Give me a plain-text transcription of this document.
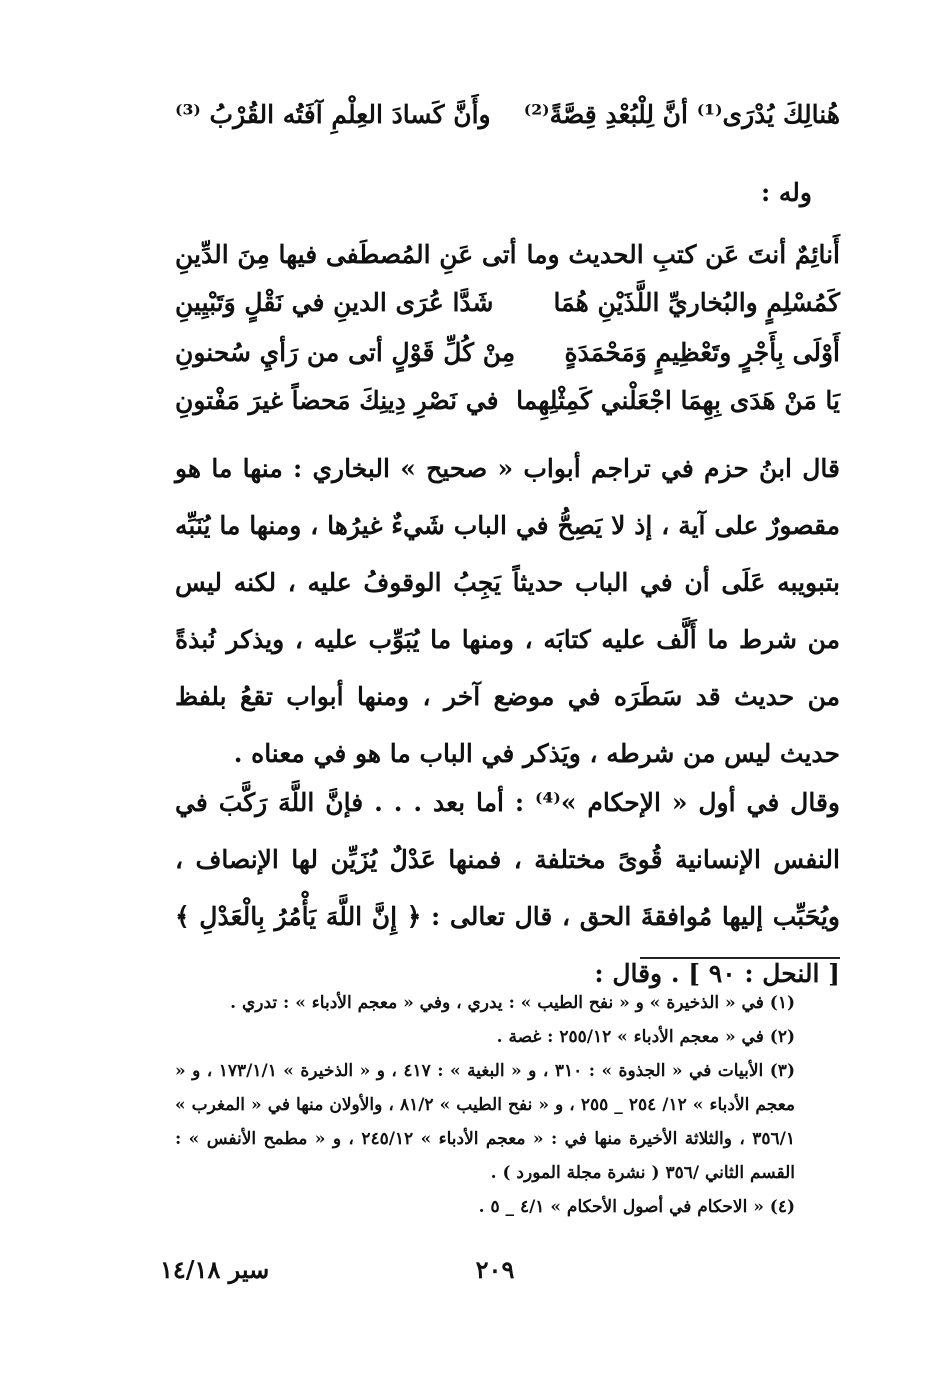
هُنالِكَ يُدْرَى⁽¹⁾ أنَّ لِلْبُعْدِ قِصَّةً⁽²⁾
وأَنَّ كَسادَ العِلْمِ آفَتُه القُرْبُ ⁽³⁾
وله :
أَنائِمٌ أنتَ عَن كتبِ الحديث وما
أتى عَنِ المُصطَفى فيها مِنَ الدِّينِ
كَمُسْلِمٍ والبُخاريِّ اللَّذَيْنِ هُمَا
شَدَّا عُرَى الدينِ في نَقْلٍ وَتَبْيِينِ
أَوْلَى بِأَجْرٍ وتَعْظِيمٍ وَمَحْمَدَةٍ
مِنْ كُلِّ قَوْلٍ أتى من رَأيِ سُحنونِ
يَا مَنْ هَدَى بِهِمَا اجْعَلْني كَمِثْلِهِما
في نَصْرِ دِينِكَ مَحضاً غيرَ مَفْتونِ

قال ابنُ حزم في تراجم أبواب « صحيح » البخاري : منها ما هو مقصورٌ على آية ، إذ لا يَصِحُّ في الباب شَيءٌ غيرُها ، ومنها ما يُنَبِّه بتبويبه عَلَى أن في الباب حديثاً يَجِبُ الوقوفُ عليه ، لكنه ليس من شرط ما أَلَّف عليه كتابَه ، ومنها ما يُبَوِّب عليه ، ويذكر نُبذةً من حديث قد سَطَرَه في موضع آخر ، ومنها أبواب تقعُ بلفظ حديث ليس من شرطه ، ويَذكر في الباب ما هو في معناه .

وقال في أول « الإحكام »⁽⁴⁾ : أما بعد . . . فإنَّ اللَّهَ رَكَّبَ في النفس الإنسانية قُوىً مختلفة ، فمنها عَدْلٌ يُزَيِّن لها الإنصاف ، ويُحَبِّب إليها مُوافقةَ الحق ، قال تعالى : ﴿ إِنَّ اللَّهَ يَأْمُرُ بِالْعَدْلِ ﴾ [ النحل : ٩٠ ] . وقال :

(١) في « الذخيرة » و « نفح الطيب » : يدري ، وفي « معجم الأدباء » : تدري .

(٢) في « معجم الأدباء » ٢٥٥/١٢ : غصة .

(٣) الأبيات في « الجذوة » : ٣١٠ ، و « البغية » : ٤١٧ ، و « الذخيرة » ١٧٣/١/١ ، و « معجم الأدباء » ١٢/ ٢٥٤ _ ٢٥٥ ، و « نفح الطيب » ٨١/٢ ، والأولان منها في « المغرب » ٣٥٦/١ ، والثلاثة الأخيرة منها في : « معجم الأدباء » ٢٤٥/١٢ ، و « مطمح الأنفس » : القسم الثاني /٣٥٦ ( نشرة مجلة المورد ) .

(٤) « الاحكام في أصول الأحكام » ٤/١ _ ٥ .

٢٠٩
سير ١٤/١٨
